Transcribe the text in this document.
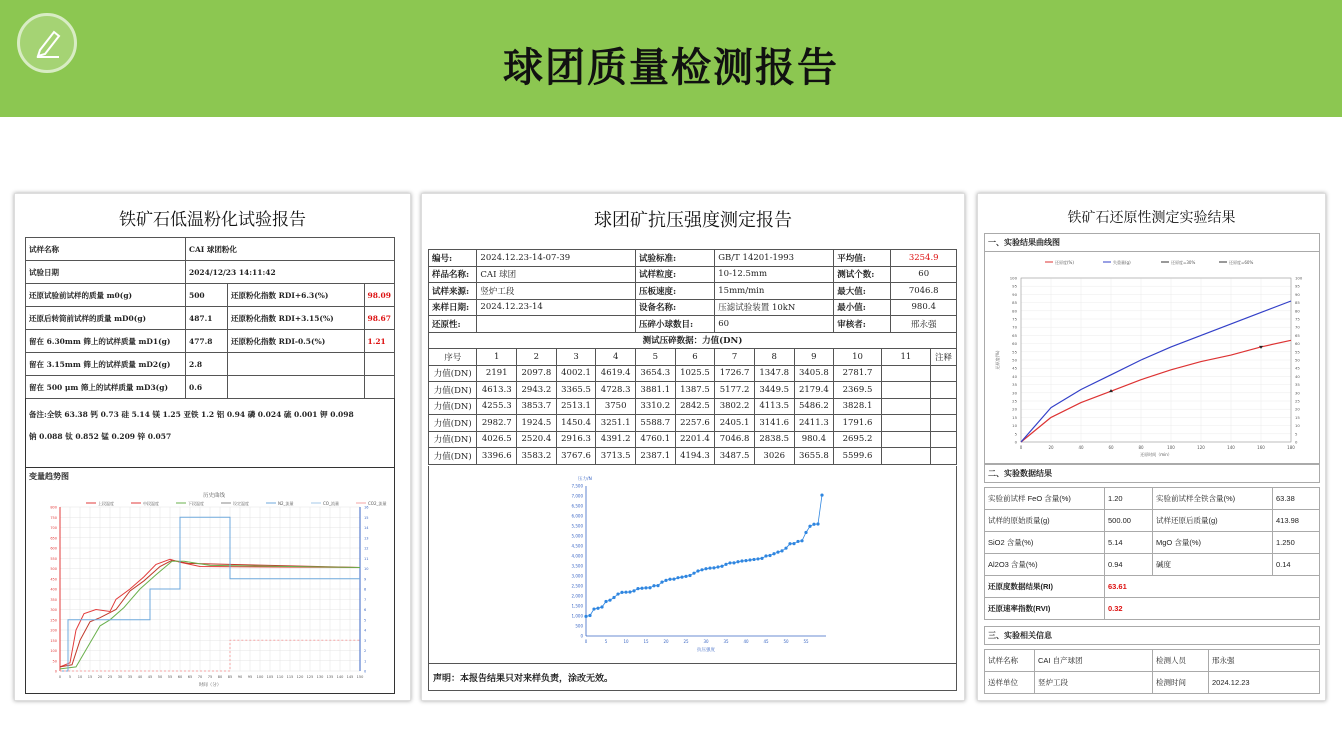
球团质量检测报告
铁矿石低温粉化试验报告
试样名称	CAI 球团粉化		
试验日期	2024/12/23 14:11:42		
还原试验前试样的质量 m0(g)	500	还原粉化指数 RDI+6.3(%)	98.09
还原后转筒前试样的质量 mD0(g)	487.1	还原粉化指数 RDI+3.15(%)	98.67
留在 6.30mm 筛上的试样质量 mD1(g)	477.8	还原粉化指数 RDI-0.5(%)	1.21
留在 3.15mm 筛上的试样质量 mD2(g)	2.8		
留在 500 μm 筛上的试样质量 mD3(g)	0.6		
备注:全铁 63.38 钙 0.73 硅 5.14 镁 1.25 亚铁 1.2 铝 0.94 磷 0.024 硫 0.001 钾 0.098
钠 0.088 钛 0.852 锰 0.209 锌 0.057
变量趋势图
历史曲线
上段温度	中段温度	下段温度	设定温度	N2_流量	CO_流量	CO2_流量
0 5 10 15 20 25 30 35 40 45 50 55 60 65 70 75 80 85 90 95 100 105 110 115 120 125 130 135 140 145 150
0	0
50	1
100	2
150	3
200	4
250	5
300	6
350	7
400	8
450	9
500	10
550	11
600	12
650	13
700	14
750	15
800	16
时间（分）
球团矿抗压强度测定报告
编号:	2024.12.23-14-07-39				试验标准:		GB/T 14201-1993			平均值:		3254.9	
样品名称:	CAI 球团				试样粒度:		10-12.5mm			测试个数:		60	
试样来源:	竖炉工段				压板速度:		15mm/min			最大值:		7046.8	
来样日期:	2024.12.23-14				设备名称:		压滤试验装置 10kN			最小值:		980.4	
还原性:					压碎小球数目:		60			审核者:		邢永强	
测试压碎数据：力值(DN)													
序号	1	2	3	4	5	6	7	8	9	10	11		注释
力值(DN)	2191	2097.8	4002.1	4619.4	3654.3	1025.5	1726.7	1347.8	3405.8	2781.7			
力值(DN)	4613.3	2943.2	3365.5	4728.3	3881.1	1387.5	5177.2	3449.5	2179.4	2369.5			
力值(DN)	4255.3	3853.7	2513.1	3750	3310.2	2842.5	3802.2	4113.5	5486.2	3828.1			
力值(DN)	2982.7	1924.5	1450.4	3251.1	5588.7	2257.6	2405.1	3141.6	2411.3	1791.6			
力值(DN)	4026.5	2520.4	2916.3	4391.2	4760.1	2201.4	7046.8	2838.5	980.4	2695.2			
力值(DN)	3396.6	3583.2	3767.6	3713.5	2387.1	4194.3	3487.5	3026	3655.8	5599.6			
压力/N
0
500
1,000
1,500
2,000
2,500
3,000
3,500
4,000
4,500
5,000
5,500
6,000
6,500
7,000
7,500
0	5	10	15	20	25	30	35	40	45	50	55
抗压强度
声明：本报告结果只对来样负责，涂改无效。
铁矿石还原性测定实验结果
一、实验结果曲线图
还原度(%)	失重量(g)	还原度=30%	还原度=60%
0	20	40	60	80	100	120	140	160	180
0
5
10
15
20
25
30
35
40
45
50
55
60
65
70
75
80
85
90
95
100
0
5
10
15
20
25
30
35
40
45
50
55
60
65
70
75
80
85
90
95
100
还原时间（min）
还原度(%)
二、实验数据结果
实验前试样 FeO 含量(%)	1.20	实验前试样全铁含量(%)	63.38
试样的原始质量(g)	500.00	试样还原后质量(g)	413.98
SiO2 含量(%)	5.14	MgO 含量(%)	1.250
Al2O3 含量(%)	0.94	碱度	0.14
还原度数据结果(RI)	63.61		
还原速率指数(RVI)	0.32		
三、实验相关信息
试样名称	CAI 自产球团	检测人员	邢永强
送样单位	竖炉工段	检测时间	2024.12.23
